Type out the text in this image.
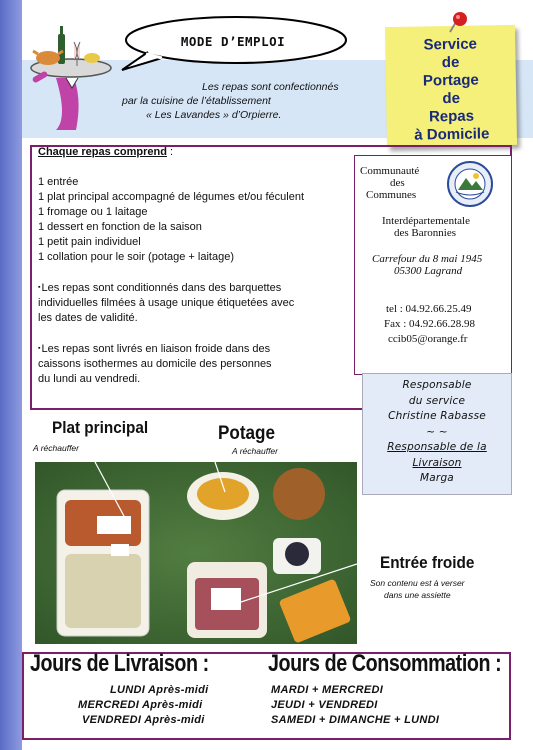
MODE D’EMPLOI
Les repas sont confectionnés
par la cuisine de l’établissement
« Les Lavandes » d’Orpierre.
Service
de
Portage
de
Repas
à Domicile
Chaque repas comprend :
1 entrée
1 plat principal accompagné de légumes et/ou féculent
1 fromage ou 1 laitage
1 dessert en fonction de la saison
1 petit pain individuel
1 collation pour le soir (potage + laitage)
▪ Les repas sont conditionnés dans des barquettes
individuelles filmées à usage unique étiquetées avec
les dates de validité.
▪ Les repas sont livrés en liaison froide dans des
caissons isothermes au domicile des personnes
du lundi au vendredi.
Communauté
des
Communes
Interdépartementale
des Baronnies
Carrefour du 8 mai 1945
05300 Lagrand
tel : 04.92.66.25.49
Fax : 04.92.66.28.98
ccib05@orange.fr
Responsable
du service
Christine Rabasse
~ ~
Responsable de la
Livraison
Marga
Plat principal
A réchauffer
Potage
A réchauffer
Entrée froide
Son contenu est à verser
dans une assiette
Jours de Livraison : Jours de Consommation :
LUNDI Après-midi
MERCREDI Après-midi
VENDREDI Après-midi
MARDI + MERCREDI
JEUDI + VENDREDI
SAMEDI + DIMANCHE + LUNDI
